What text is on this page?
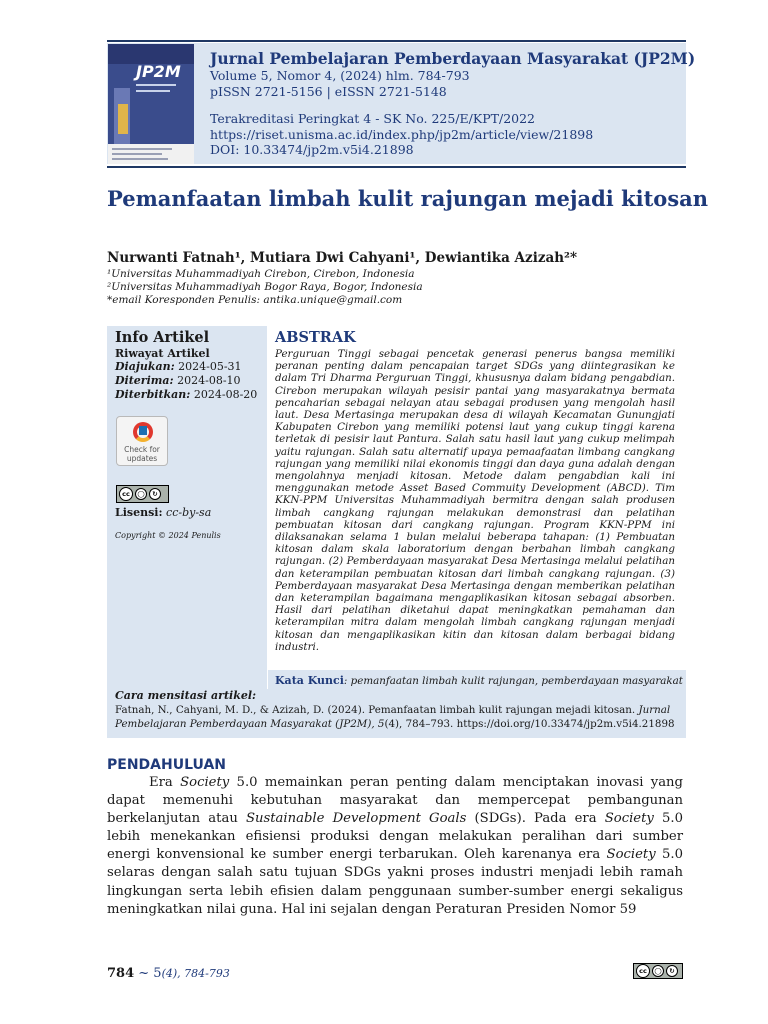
JP2M
Jurnal Pembelajaran Pemberdayaan Masyarakat (JP2M)
Volume 5, Nomor 4, (2024) hlm. 784-793
pISSN 2721-5156 | eISSN 2721-5148
Terakreditasi Peringkat 4 - SK No. 225/E/KPT/2022
https://riset.unisma.ac.id/index.php/jp2m/article/view/21898
DOI: 10.33474/jp2m.v5i4.21898
Pemanfaatan limbah kulit rajungan mejadi kitosan
Nurwanti Fatnah¹, Mutiara Dwi Cahyani¹, Dewiantika Azizah²*
¹Universitas Muhammadiyah Cirebon, Cirebon, Indonesia
²Universitas Muhammadiyah Bogor Raya, Bogor, Indonesia
*email Koresponden Penulis: antika.unique@gmail.com
Info Artikel
Riwayat Artikel
Diajukan: 2024-05-31
Diterima: 2024-08-10
Diterbitkan: 2024-08-20
Check for updates
cc	◯	↻
Lisensi: cc-by-sa
Copyright © 2024 Penulis
ABSTRAK
Perguruan Tinggi sebagai pencetak generasi penerus bangsa memiliki peranan penting dalam pencapaian target SDGs yang diintegrasikan ke dalam Tri Dharma Perguruan Tinggi, khususnya dalam bidang pengabdian. Cirebon merupakan wilayah pesisir pantai yang masyarakatnya bermata pencaharian sebagai nelayan atau sebagai produsen yang mengolah hasil laut. Desa Mertasinga merupakan desa di wilayah Kecamatan Gunungjati Kabupaten Cirebon yang memiliki potensi laut yang cukup tinggi karena terletak di pesisir laut Pantura. Salah satu hasil laut yang cukup melimpah yaitu rajungan. Salah satu alternatif upaya pemaafaatan limbang cangkang rajungan yang memiliki nilai ekonomis tinggi dan daya guna adalah dengan mengolahnya menjadi kitosan. Metode dalam pengabdian kali ini menggunakan metode Asset Based Commuity Development (ABCD). Tim KKN-PPM Universitas Muhammadiyah bermitra dengan salah produsen limbah cangkang rajungan melakukan demonstrasi dan pelatihan pembuatan kitosan dari cangkang rajungan. Program KKN-PPM ini dilaksanakan selama 1 bulan melalui beberapa tahapan: (1) Pembuatan kitosan dalam skala laboratorium dengan berbahan limbah cangkang rajungan. (2) Pemberdayaan masyarakat Desa Mertasinga melalui pelatihan dan keterampilan pembuatan kitosan dari limbah cangkang rajungan. (3) Pemberdayaan masyarakat Desa Mertasinga dengan memberikan pelatihan dan keterampilan bagaimana mengaplikasikan kitosan sebagai absorben. Hasil dari pelatihan diketahui dapat meningkatkan pemahaman dan keterampilan mitra dalam mengolah limbah cangkang rajungan menjadi kitosan dan mengaplikasikan kitin dan kitosan dalam berbagai bidang industri.
Kata Kunci: pemanfaatan limbah kulit rajungan, pemberdayaan masyarakat
Cara mensitasi artikel:
Fatnah, N., Cahyani, M. D., & Azizah, D. (2024). Pemanfaatan limbah kulit rajungan mejadi kitosan. Jurnal
Pembelajaran Pemberdayaan Masyarakat (JP2M), 5(4), 784–793. https://doi.org/10.33474/jp2m.v5i4.21898
PENDAHULUAN

Era Society 5.0 memainkan peran penting dalam menciptakan inovasi yang dapat memenuhi kebutuhan masyarakat dan mempercepat pembangunan berkelanjutan atau Sustainable Development Goals (SDGs). Pada era Society 5.0 lebih menekankan efisiensi produksi dengan melakukan peralihan dari sumber energi konvensional ke sumber energi terbarukan. Oleh karenanya era Society 5.0 selaras dengan salah satu tujuan SDGs yakni proses industri menjadi lebih ramah lingkungan serta lebih efisien dalam penggunaan sumber-sumber energi sekaligus meningkatkan nilai guna. Hal ini sejalan dengan Peraturan Presiden Nomor 59

784 ~ 5(4), 784-793	cc	◯	↻
